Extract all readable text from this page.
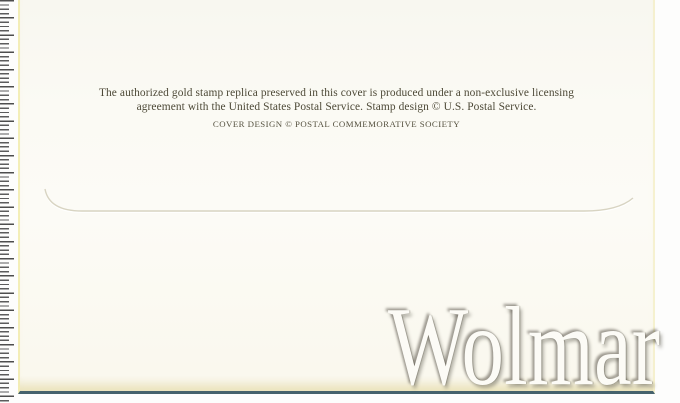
The authorized gold stamp replica preserved in this cover is produced under a non-exclusive licensing
agreement with the United States Postal Service. Stamp design © U.S. Postal Service.
COVER DESIGN © POSTAL COMMEMORATIVE SOCIETY
Wolmar
